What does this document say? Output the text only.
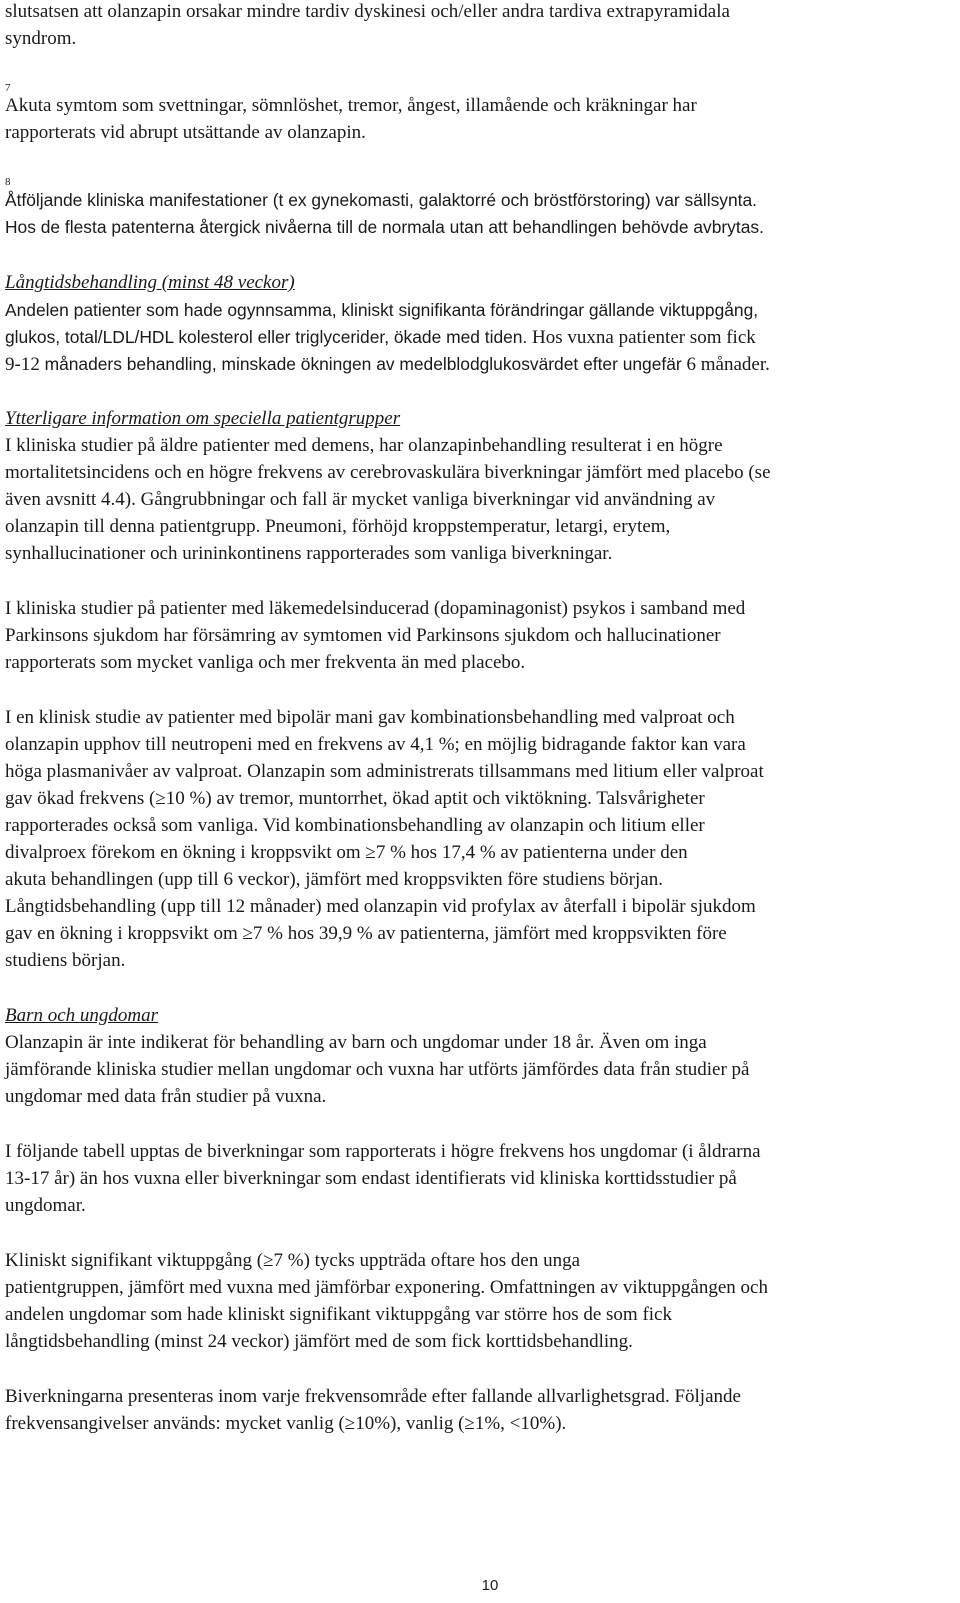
slutsatsen att olanzapin orsakar mindre tardiv dyskinesi och/eller andra tardiva extrapyramidala
syndrom.
7
Akuta symtom som svettningar, sömnlöshet, tremor, ångest, illamående och kräkningar har
rapporterats vid abrupt utsättande av olanzapin.
8
Åtföljande kliniska manifestationer (t ex gynekomasti, galaktorré och bröstförstoring) var sällsynta.
Hos de flesta patenterna återgick nivåerna till de normala utan att behandlingen behövde avbrytas.
Långtidsbehandling (minst 48 veckor)
Andelen patienter som hade ogynnsamma, kliniskt signifikanta förändringar gällande viktuppgång,
glukos, total/LDL/HDL kolesterol eller triglycerider, ökade med tiden. Hos vuxna patienter som fick
9-12 månaders behandling, minskade ökningen av medelblodglukosvärdet efter ungefär 6 månader.
Ytterligare information om speciella patientgrupper
I kliniska studier på äldre patienter med demens, har olanzapinbehandling resulterat i en högre
mortalitetsincidens och en högre frekvens av cerebrovaskulära biverkningar jämfört med placebo (se
även avsnitt 4.4). Gångrubbningar och fall är mycket vanliga biverkningar vid användning av
olanzapin till denna patientgrupp. Pneumoni, förhöjd kroppstemperatur, letargi, erytem,
synhallucinationer och urininkontinens rapporterades som vanliga biverkningar.
I kliniska studier på patienter med läkemedelsinducerad (dopaminagonist) psykos i samband med
Parkinsons sjukdom har försämring av symtomen vid Parkinsons sjukdom och hallucinationer
rapporterats som mycket vanliga och mer frekventa än med placebo.
I en klinisk studie av patienter med bipolär mani gav kombinationsbehandling med valproat och
olanzapin upphov till neutropeni med en frekvens av 4,1 %; en möjlig bidragande faktor kan vara
höga plasmanivåer av valproat. Olanzapin som administrerats tillsammans med litium eller valproat
gav ökad frekvens (≥10 %) av tremor, muntorrhet, ökad aptit och viktökning. Talsvårigheter
rapporterades också som vanliga. Vid kombinationsbehandling av olanzapin och litium eller
divalproex förekom en ökning i kroppsvikt om ≥7 % hos 17,4 % av patienterna under den
akuta behandlingen (upp till 6 veckor), jämfört med kroppsvikten före studiens början.
Långtidsbehandling (upp till 12 månader) med olanzapin vid profylax av återfall i bipolär sjukdom
gav en ökning i kroppsvikt om ≥7 % hos 39,9 % av patienterna, jämfört med kroppsvikten före
studiens början.
Barn och ungdomar
Olanzapin är inte indikerat för behandling av barn och ungdomar under 18 år. Även om inga
jämförande kliniska studier mellan ungdomar och vuxna har utförts jämfördes data från studier på
ungdomar med data från studier på vuxna.
I följande tabell upptas de biverkningar som rapporterats i högre frekvens hos ungdomar (i åldrarna
13-17 år) än hos vuxna eller biverkningar som endast identifierats vid kliniska korttidsstudier på
ungdomar.
Kliniskt signifikant viktuppgång (≥7 %) tycks uppträda oftare hos den unga
patientgruppen, jämfört med vuxna med jämförbar exponering. Omfattningen av viktuppgången och
andelen ungdomar som hade kliniskt signifikant viktuppgång var större hos de som fick
långtidsbehandling (minst 24 veckor) jämfört med de som fick korttidsbehandling.
Biverkningarna presenteras inom varje frekvensområde efter fallande allvarlighetsgrad. Följande
frekvensangivelser används: mycket vanlig (≥10%), vanlig (≥1%, <10%).
10
